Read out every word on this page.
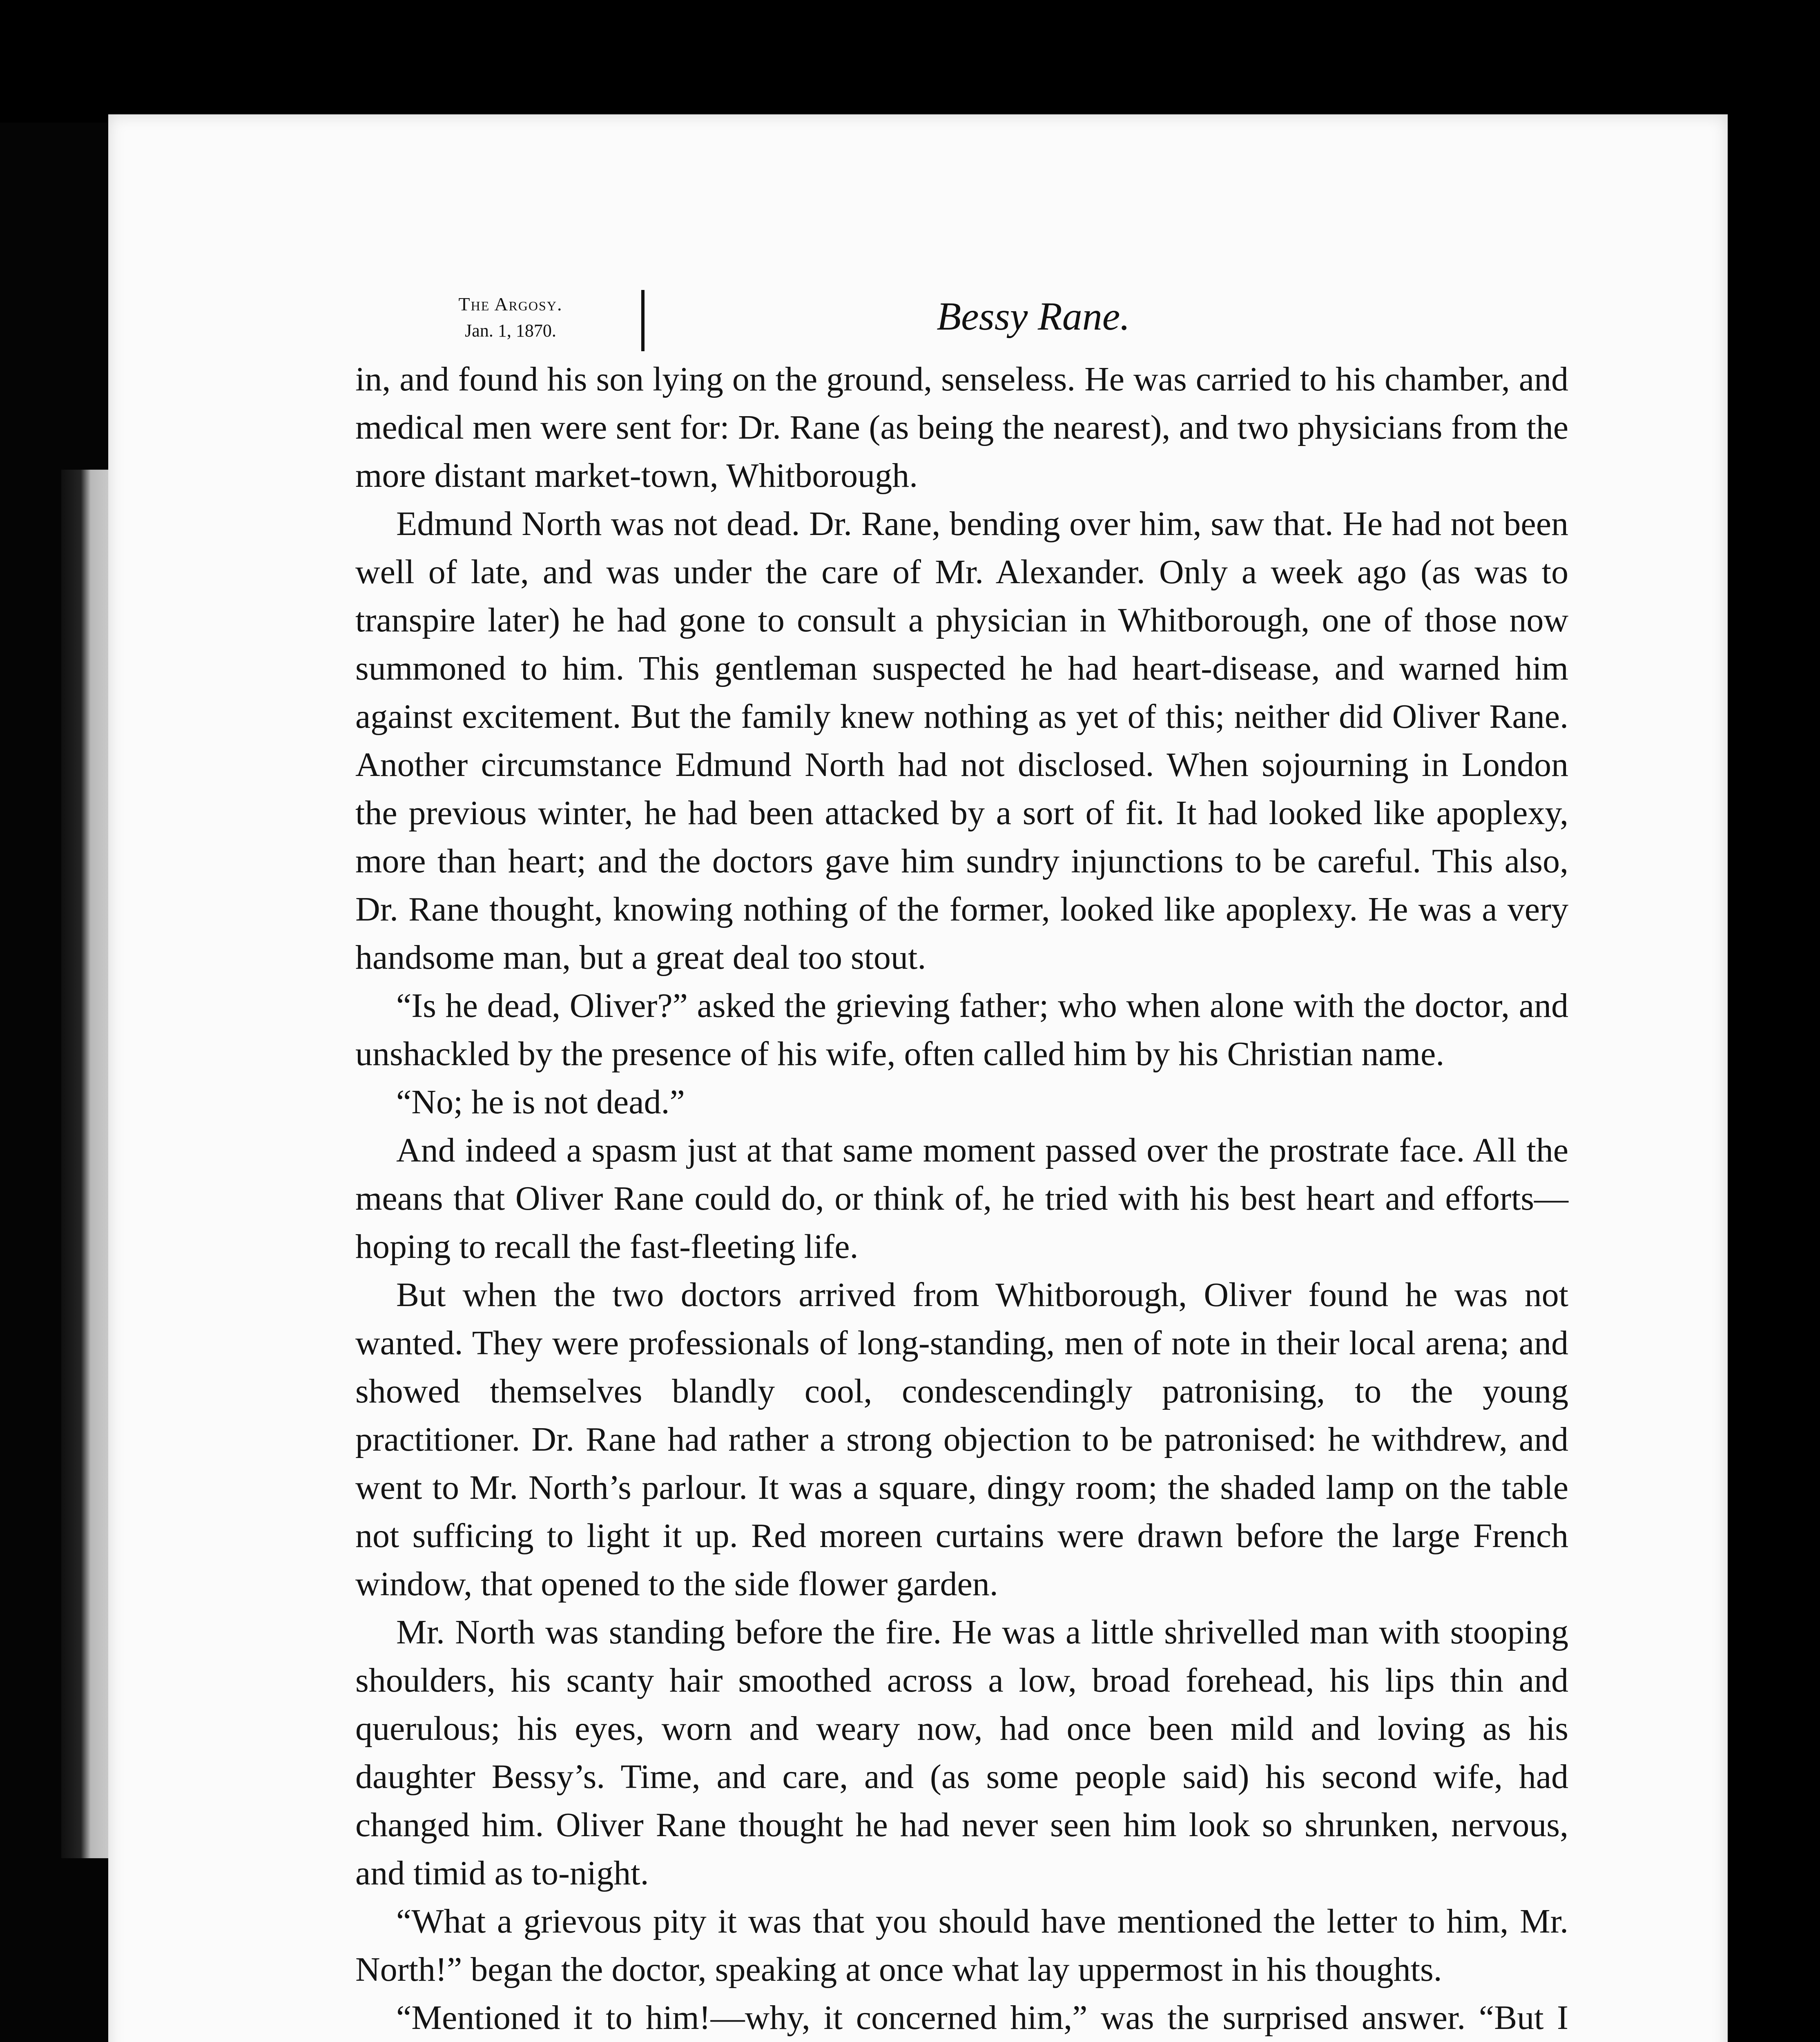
The Argosy.
Jan. 1, 1870.	Bessy Rane.

in, and found his son lying on the ground, senseless. He was carried to his chamber, and medical men were sent for: Dr. Rane (as being the nearest), and two physicians from the more distant market-town, Whitborough.

Edmund North was not dead. Dr. Rane, bending over him, saw that. He had not been well of late, and was under the care of Mr. Alexander. Only a week ago (as was to transpire later) he had gone to consult a physician in Whitborough, one of those now summoned to him. This gentleman suspected he had heart-disease, and warned him against excitement. But the family knew nothing as yet of this; neither did Oliver Rane. Another circumstance Edmund North had not disclosed. When sojourning in London the previous winter, he had been attacked by a sort of fit. It had looked like apoplexy, more than heart; and the doctors gave him sundry injunctions to be careful. This also, Dr. Rane thought, knowing nothing of the former, looked like apoplexy. He was a very handsome man, but a great deal too stout.

“Is he dead, Oliver?” asked the grieving father; who when alone with the doctor, and unshackled by the presence of his wife, often called him by his Christian name.

“No; he is not dead.”

And indeed a spasm just at that same moment passed over the prostrate face. All the means that Oliver Rane could do, or think of, he tried with his best heart and efforts—hoping to recall the fast-fleeting life.

But when the two doctors arrived from Whitborough, Oliver found he was not wanted. They were professionals of long-standing, men of note in their local arena; and showed themselves blandly cool, condescendingly patronising, to the young practitioner. Dr. Rane had rather a strong objection to be patronised: he withdrew, and went to Mr. North’s parlour. It was a square, dingy room; the shaded lamp on the table not sufficing to light it up. Red moreen curtains were drawn before the large French window, that opened to the side flower garden.

Mr. North was standing before the fire. He was a little shrivelled man with stooping shoulders, his scanty hair smoothed across a low, broad forehead, his lips thin and querulous; his eyes, worn and weary now, had once been mild and loving as his daughter Bessy’s. Time, and care, and (as some people said) his second wife, had changed him. Oliver Rane thought he had never seen him look so shrunken, nervous, and timid as to-night.

“What a grievous pity it was that you should have mentioned the letter to him, Mr. North!” began the doctor, speaking at once what lay uppermost in his thoughts.

“Mentioned it to him!—why, it concerned him,” was the surprised answer. “But I
